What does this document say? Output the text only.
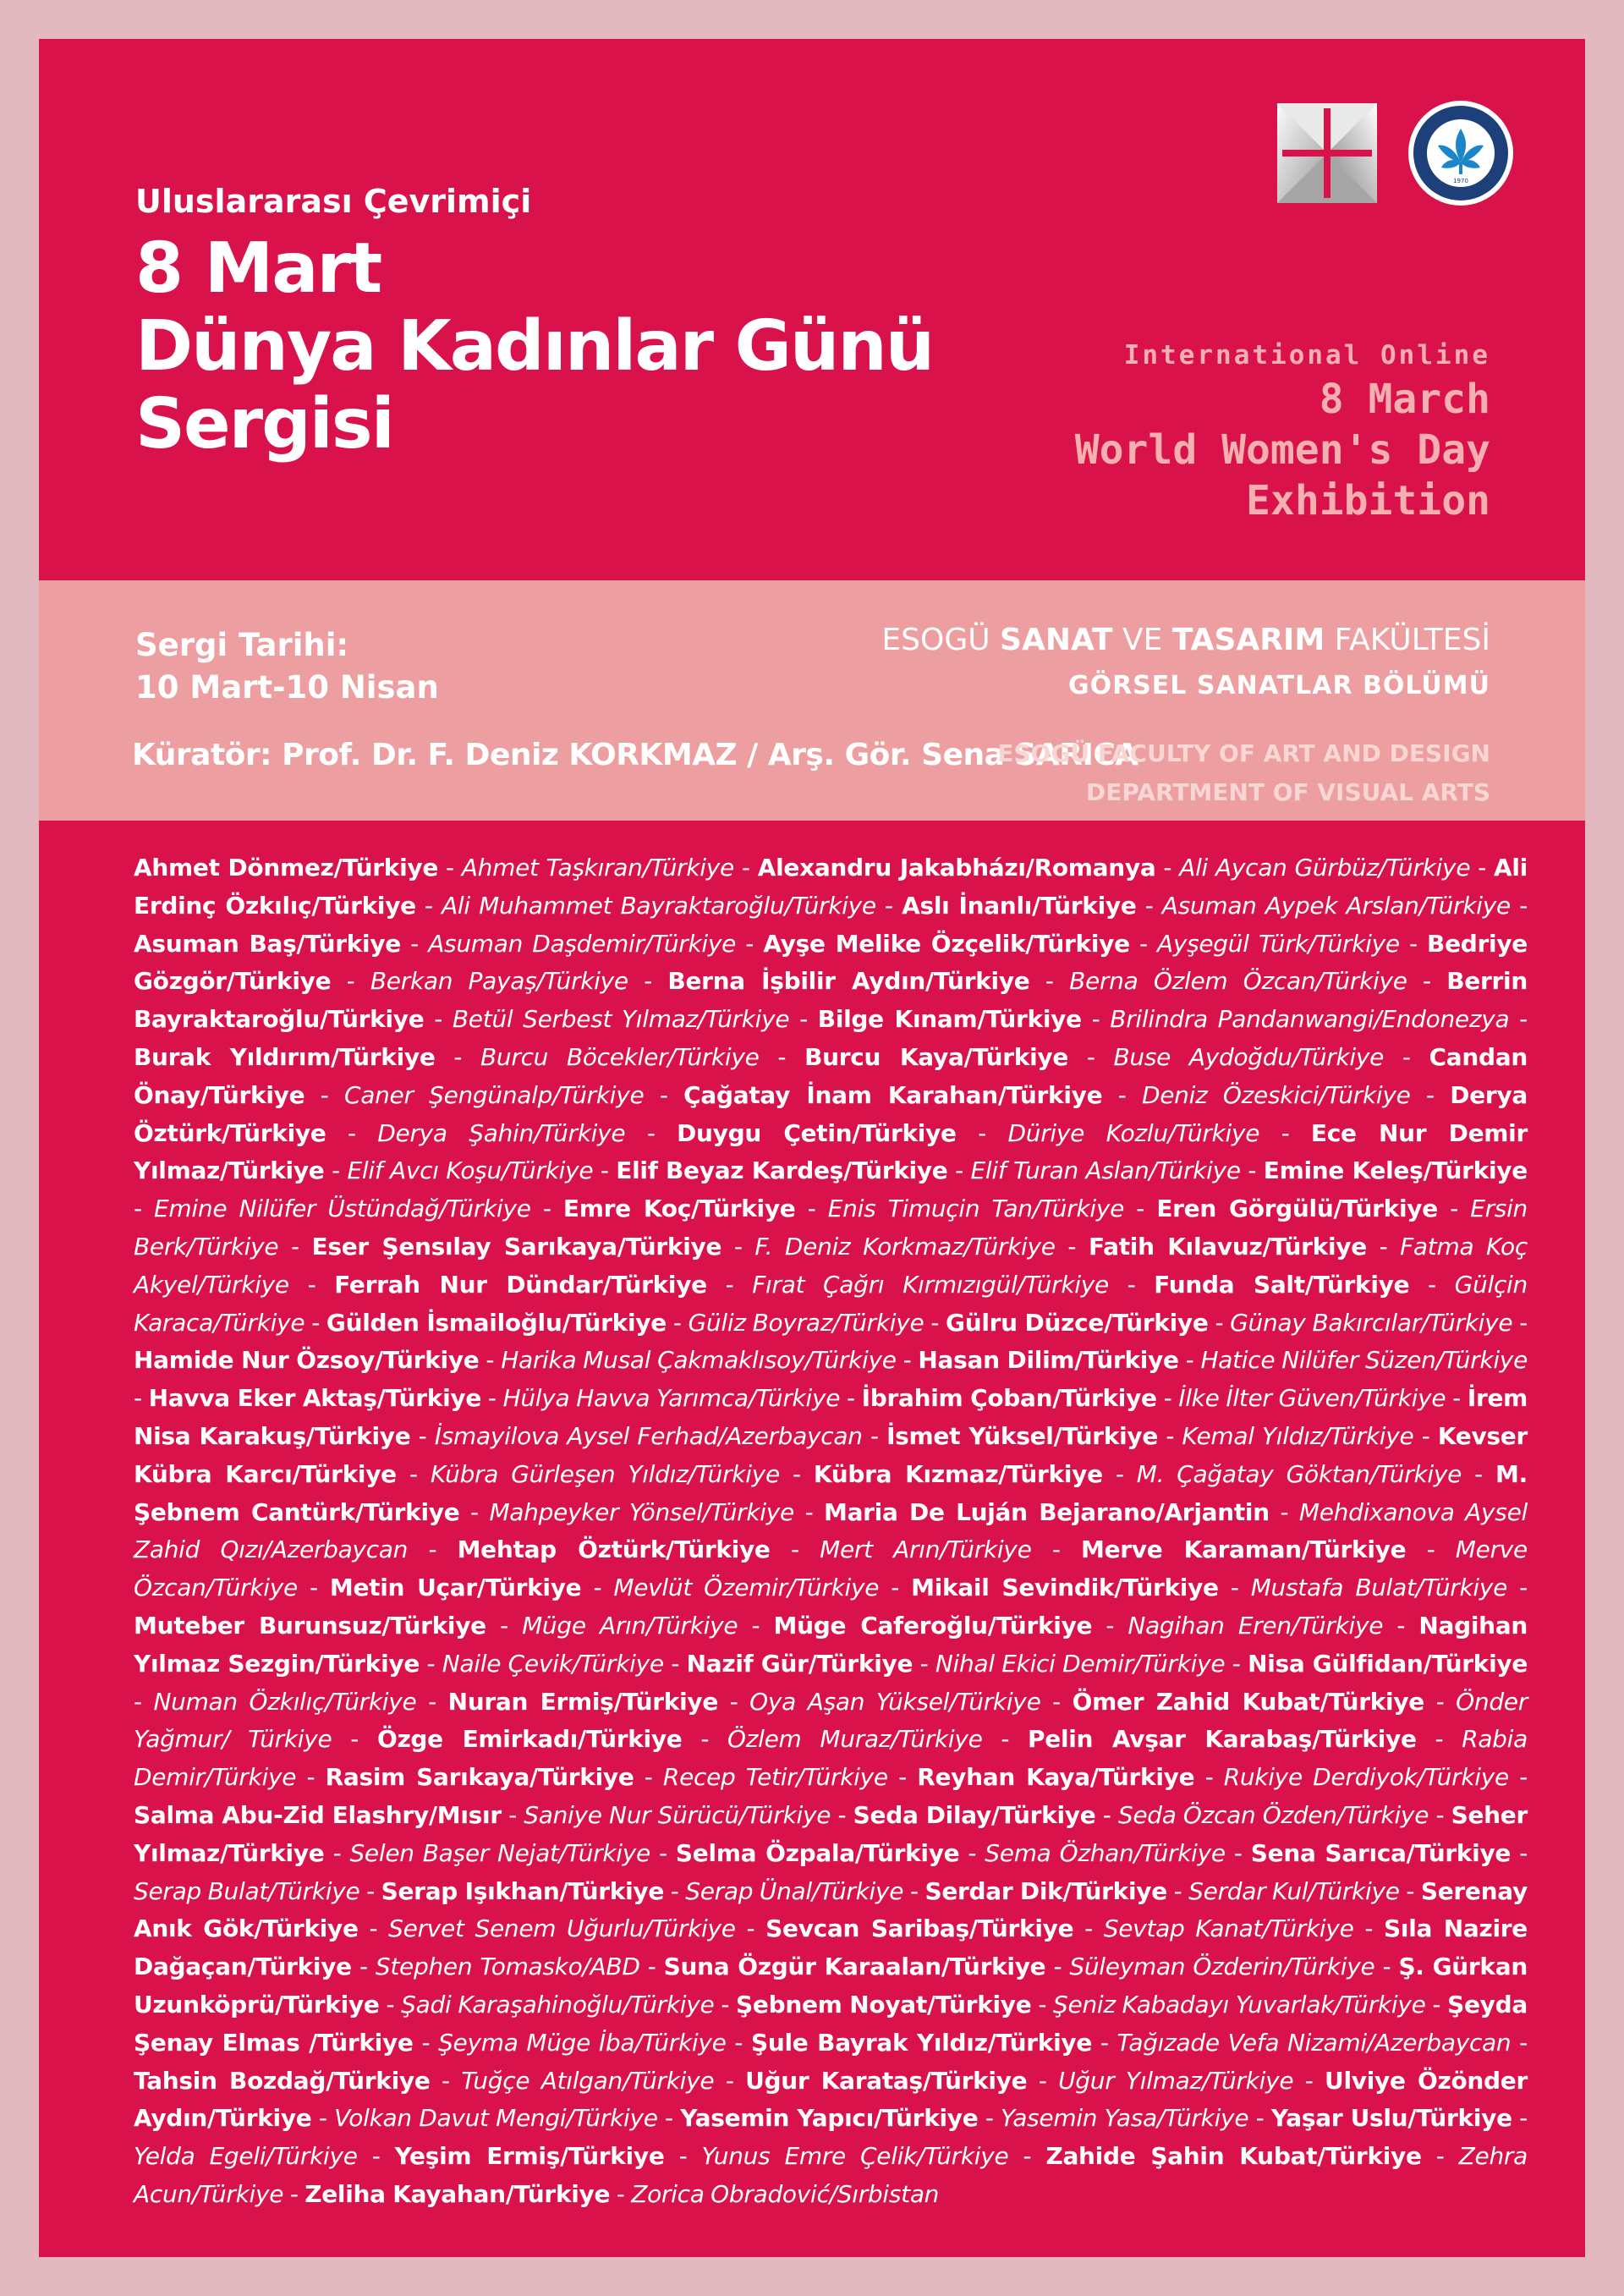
Uluslararası Çevrimiçi
8 Mart
Dünya Kadınlar Günü
Sergisi
1970
International Online
8 March
World Women's Day
Exhibition
Sergi Tarihi:
10 Mart-10 Nisan
Küratör: Prof. Dr. F. Deniz KORKMAZ / Arş. Gör. Sena SARICA
ESOGÜ SANAT VE TASARIM FAKÜLTESİ
GÖRSEL SANATLAR BÖLÜMÜ
ESOGÜ FACULTY OF ART AND DESIGN
DEPARTMENT OF VISUAL ARTS
Ahmet Dönmez/Türkiye - Ahmet Taşkıran/Türkiye - Alexandru Jakabházı/Romanya - Ali Aycan Gürbüz/Türkiye - Ali Erdinç Özkılıç/Türkiye - Ali Muhammet Bayraktaroğlu/Türkiye - Aslı İnanlı/Türkiye - Asuman Aypek Arslan/Türkiye - Asuman Baş/Türkiye - Asuman Daşdemir/Türkiye - Ayşe Melike Özçelik/Türkiye - Ayşegül Türk/Türkiye - Bedriye Gözgör/Türkiye - Berkan Payaş/Türkiye - Berna İşbilir Aydın/Türkiye - Berna Özlem Özcan/Türkiye - Berrin Bayraktaroğlu/Türkiye - Betül Serbest Yılmaz/Türkiye - Bilge Kınam/Türkiye - Brilindra Pandanwangi/Endonezya - Burak Yıldırım/Türkiye - Burcu Böcekler/Türkiye - Burcu Kaya/Türkiye - Buse Aydoğdu/Türkiye - Candan Önay/Türkiye - Caner Şengünalp/Türkiye - Çağatay İnam Karahan/Türkiye - Deniz Özeskici/Türkiye - Derya Öztürk/Türkiye - Derya Şahin/Türkiye - Duygu Çetin/Türkiye - Düriye Kozlu/Türkiye - Ece Nur Demir Yılmaz/Türkiye - Elif Avcı Koşu/Türkiye - Elif Beyaz Kardeş/Türkiye - Elif Turan Aslan/Türkiye - Emine Keleş/Türkiye - Emine Nilüfer Üstündağ/Türkiye - Emre Koç/Türkiye - Enis Timuçin Tan/Türkiye - Eren Görgülü/Türkiye - Ersin Berk/Türkiye - Eser Şensılay Sarıkaya/Türkiye - F. Deniz Korkmaz/Türkiye - Fatih Kılavuz/Türkiye - Fatma Koç Akyel/Türkiye - Ferrah Nur Dündar/Türkiye - Fırat Çağrı Kırmızıgül/Türkiye - Funda Salt/Türkiye - Gülçin Karaca/Türkiye - Gülden İsmailoğlu/Türkiye - Güliz Boyraz/Türkiye - Gülru Düzce/Türkiye - Günay Bakırcılar/Türkiye - Hamide Nur Özsoy/Türkiye - Harika Musal Çakmaklısoy/Türkiye - Hasan Dilim/Türkiye - Hatice Nilüfer Süzen/Türkiye - Havva Eker Aktaş/Türkiye - Hülya Havva Yarımca/Türkiye - İbrahim Çoban/Türkiye - İlke İlter Güven/Türkiye - İrem Nisa Karakuş/Türkiye - İsmayilova Aysel Ferhad/Azerbaycan - İsmet Yüksel/Türkiye - Kemal Yıldız/Türkiye - Kevser Kübra Karcı/Türkiye - Kübra Gürleşen Yıldız/Türkiye - Kübra Kızmaz/Türkiye - M. Çağatay Göktan/Türkiye - M. Şebnem Cantürk/Türkiye - Mahpeyker Yönsel/Türkiye - Maria De Luján Bejarano/Arjantin - Mehdixanova Aysel Zahid Qızı/Azerbaycan - Mehtap Öztürk/Türkiye - Mert Arın/Türkiye - Merve Karaman/Türkiye - Merve Özcan/Türkiye - Metin Uçar/Türkiye - Mevlüt Özemir/Türkiye - Mikail Sevindik/Türkiye - Mustafa Bulat/Türkiye - Muteber Burunsuz/Türkiye - Müge Arın/Türkiye - Müge Caferoğlu/Türkiye - Nagihan Eren/Türkiye - Nagihan Yılmaz Sezgin/Türkiye - Naile Çevik/Türkiye - Nazif Gür/Türkiye - Nihal Ekici Demir/Türkiye - Nisa Gülfidan/Türkiye - Numan Özkılıç/Türkiye - Nuran Ermiş/Türkiye - Oya Aşan Yüksel/Türkiye - Ömer Zahid Kubat/Türkiye - Önder Yağmur/ Türkiye - Özge Emirkadı/Türkiye - Özlem Muraz/Türkiye - Pelin Avşar Karabaş/Türkiye - Rabia Demir/Türkiye - Rasim Sarıkaya/Türkiye - Recep Tetir/Türkiye - Reyhan Kaya/Türkiye - Rukiye Derdiyok/Türkiye - Salma Abu-Zid Elashry/Mısır - Saniye Nur Sürücü/Türkiye - Seda Dilay/Türkiye - Seda Özcan Özden/Türkiye - Seher Yılmaz/Türkiye - Selen Başer Nejat/Türkiye - Selma Özpala/Türkiye - Sema Özhan/Türkiye - Sena Sarıca/Türkiye - Serap Bulat/Türkiye - Serap Işıkhan/Türkiye - Serap Ünal/Türkiye - Serdar Dik/Türkiye - Serdar Kul/Türkiye - Serenay Anık Gök/Türkiye - Servet Senem Uğurlu/Türkiye - Sevcan Saribaş/Türkiye - Sevtap Kanat/Türkiye - Sıla Nazire Dağaçan/Türkiye - Stephen Tomasko/ABD - Suna Özgür Karaalan/Türkiye - Süleyman Özderin/Türkiye - Ş. Gürkan Uzunköprü/Türkiye - Şadi Karaşahinoğlu/Türkiye - Şebnem Noyat/Türkiye - Şeniz Kabadayı Yuvarlak/Türkiye - Şeyda Şenay Elmas /Türkiye - Şeyma Müge İba/Türkiye - Şule Bayrak Yıldız/Türkiye - Tağızade Vefa Nizami/Azerbaycan - Tahsin Bozdağ/Türkiye - Tuğçe Atılgan/Türkiye - Uğur Karataş/Türkiye - Uğur Yılmaz/Türkiye - Ulviye Özönder Aydın/Türkiye - Volkan Davut Mengi/Türkiye - Yasemin Yapıcı/Türkiye - Yasemin Yasa/Türkiye - Yaşar Uslu/Türkiye - Yelda Egeli/Türkiye - Yeşim Ermiş/Türkiye - Yunus Emre Çelik/Türkiye - Zahide Şahin Kubat/Türkiye - Zehra Acun/Türkiye - Zeliha Kayahan/Türkiye - Zorica Obradović/Sırbistan
